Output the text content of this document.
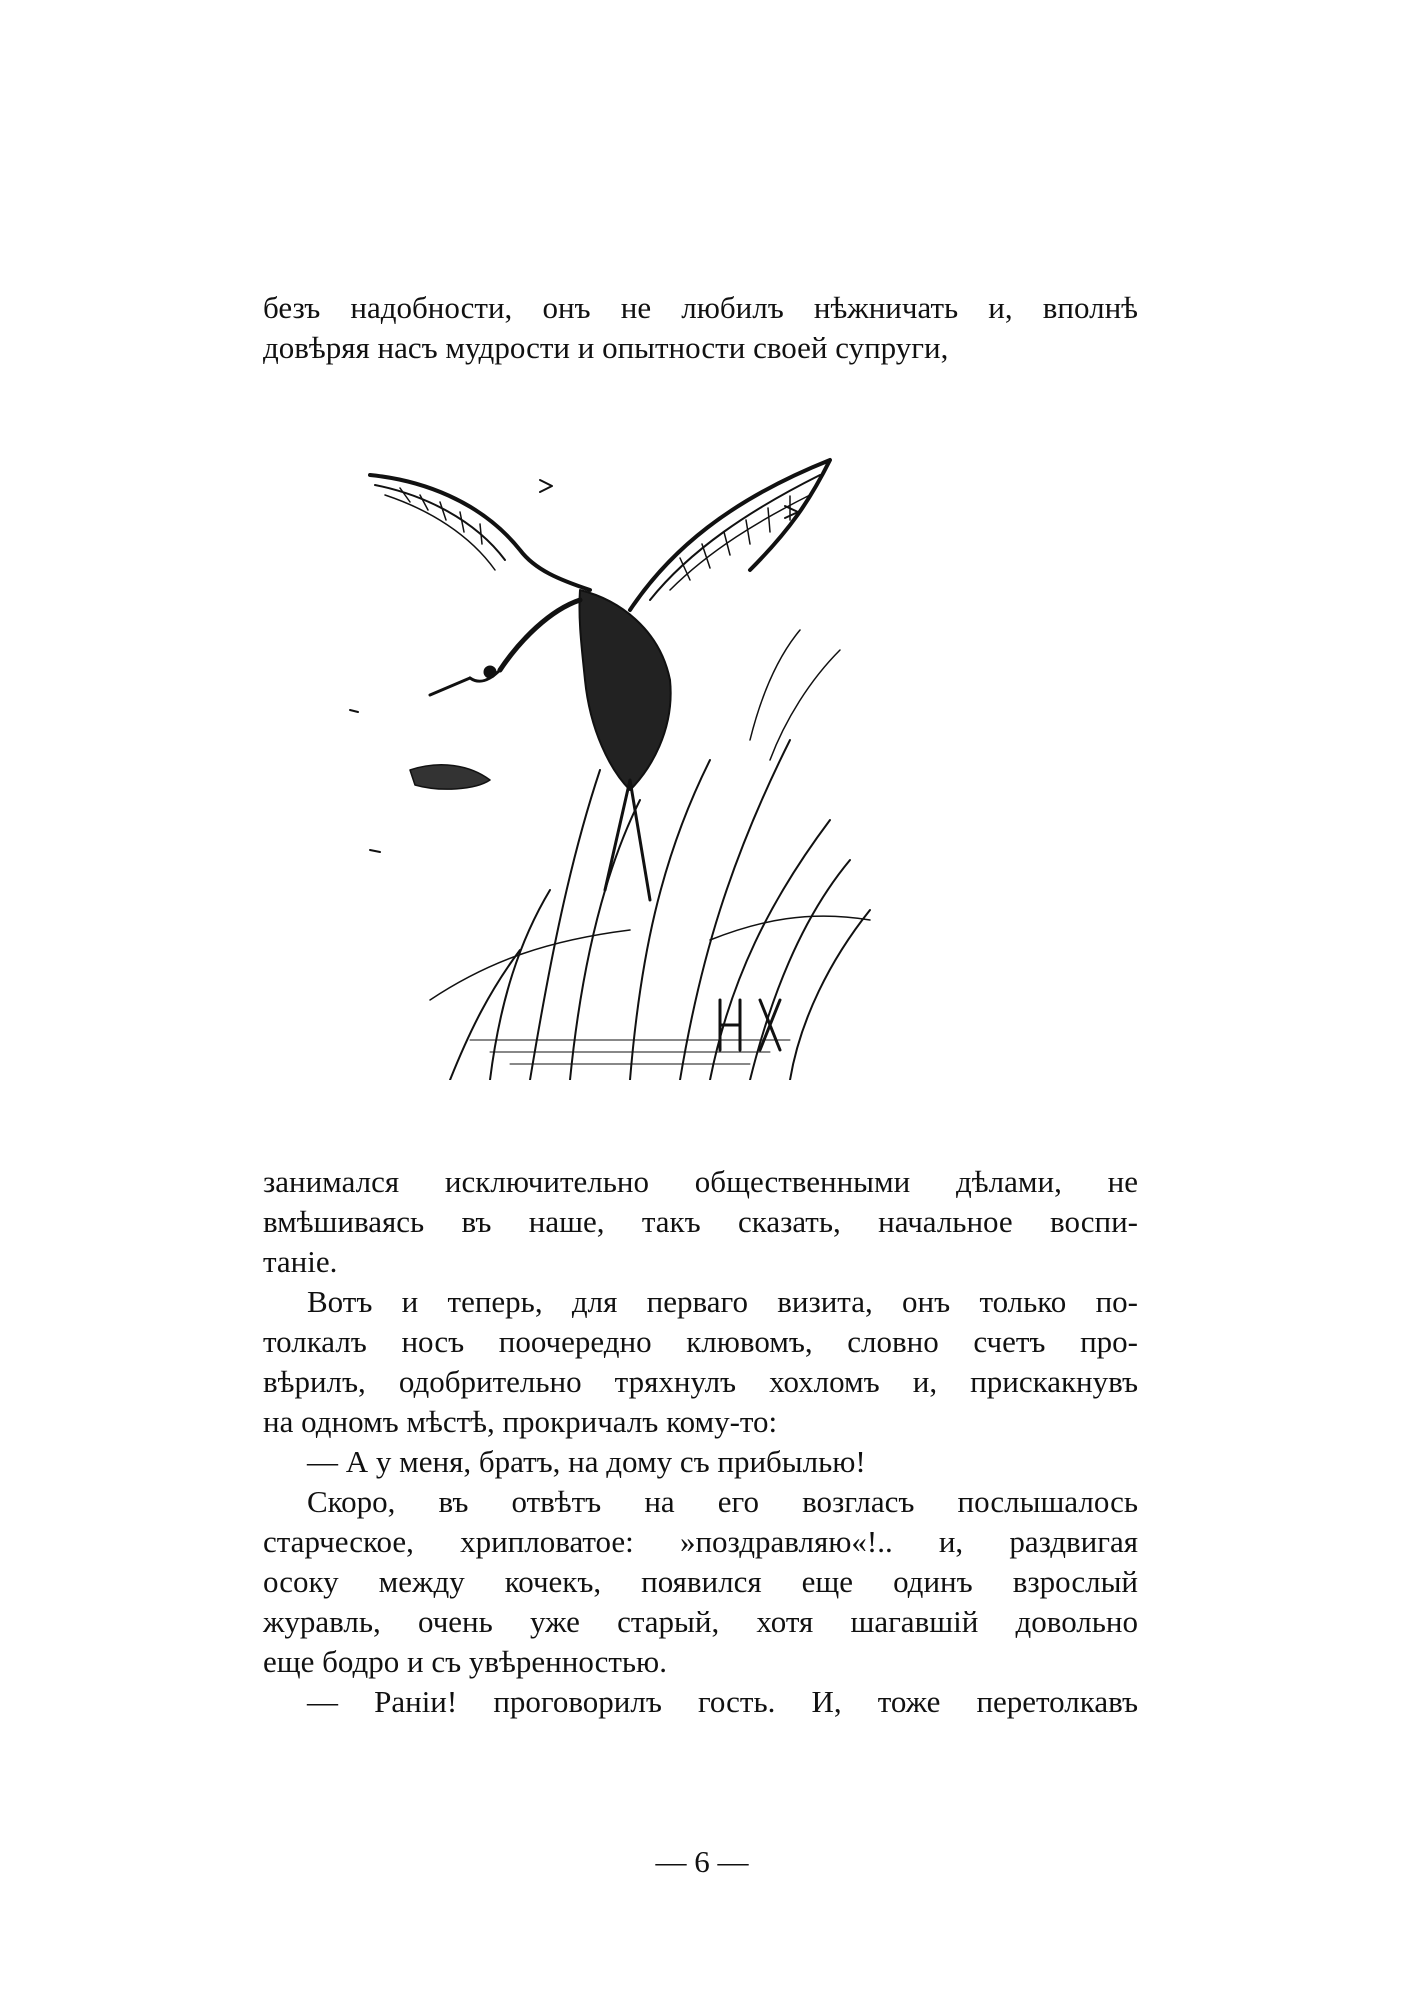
безъ надобности, онъ не любилъ нѣжничать и, вполнѣ
довѣряя насъ мудрости и опытности своей супруги,
занимался исключительно общественными дѣлами, не
вмѣшиваясь въ наше, такъ сказать, начальное воспи-
таніе.
Вотъ и теперь, для перваго визита, онъ только по-
толкалъ носъ поочередно клювомъ, словно счетъ про-
вѣрилъ, одобрительно тряхнулъ хохломъ и, прискакнувъ
на одномъ мѣстѣ, прокричалъ кому-то:
— А у меня, братъ, на дому съ прибылью!
Скоро, въ отвѣтъ на его возгласъ послышалось
старческое, хрипловатое: »поздравляю«!.. и, раздвигая
осоку между кочекъ, появился еще одинъ взрослый
журавль, очень уже старый, хотя шагавшій довольно
еще бодро и съ увѣренностью.
— Раніи! проговорилъ гость. И, тоже перетолкавъ
— 6 —
